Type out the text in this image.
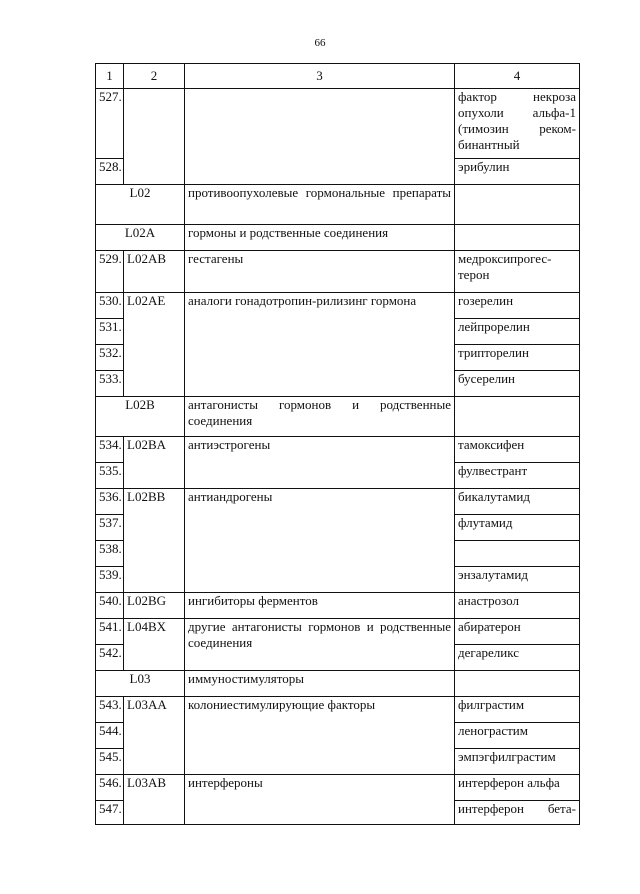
66
1	2	3	4
527.			фактор некроза
опухоли альфа-1
(тимозин реком-
бинантный
528.			эрибулин
L02		противоопухолевые гормональные препараты	
L02A		гормоны и родственные соединения	
529.	L02AB	гестагены	медроксипрогес-
терон
530.	L02AE	аналоги гонадотропин-рилизинг гормона	гозерелин
531.			лейпрорелин
532.			трипторелин
533.			бусерелин
L02B		антагонисты гормонов и родственные соединения	
534.	L02BA	антиэстрогены	тамоксифен
535.			фулвестрант
536.	L02BB	антиандрогены	бикалутамид
537.			флутамид
538.			
539.			энзалутамид
540.	L02BG	ингибиторы ферментов	анастрозол
541.	L04BX	другие антагонисты гормонов и родственные соединения	абиратерон
542.			дегареликс
L03		иммуностимуляторы	
543.	L03AA	колониестимулирующие факторы	филграстим
544.			ленограстим
545.			эмпэгфилграстим
546.	L03AB	интерфероны	интерферон альфа
547.			интерферон бета-
